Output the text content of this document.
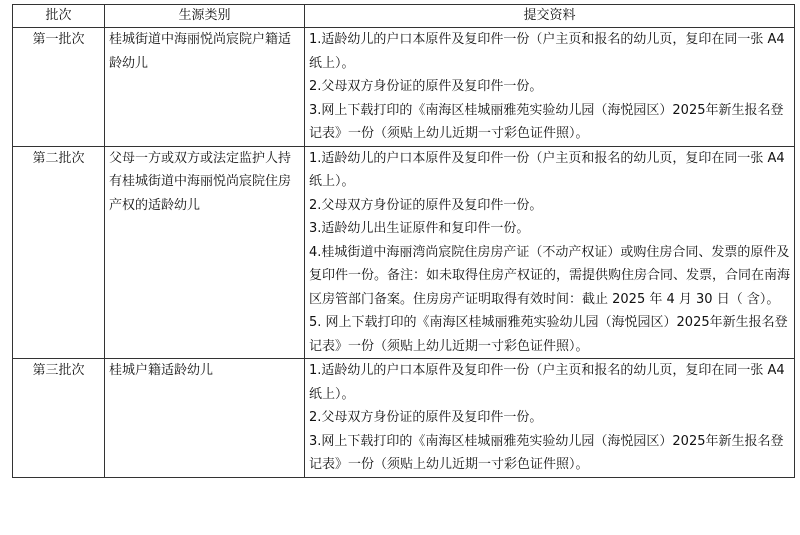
批次	生源类别	提交资料
第一批次	桂城街道中海丽悦尚宸院户籍适龄幼儿	1.适龄幼儿的户口本原件及复印件一份（户主页和报名的幼儿页，复印在同一张 A4 纸上）。
2.父母双方身份证的原件及复印件一份。
3.网上下载打印的《南海区桂城丽雅苑实验幼儿园（海悦园区）2025年新生报名登记表》一份（须贴上幼儿近期一寸彩色证件照）。

第二批次	父母一方或双方或法定监护人持有桂城街道中海丽悦尚宸院住房产权的适龄幼儿	1.适龄幼儿的户口本原件及复印件一份（户主页和报名的幼儿页，复印在同一张 A4 纸上）。
2.父母双方身份证的原件及复印件一份。
3.适龄幼儿出生证原件和复印件一份。
4.桂城街道中海丽湾尚宸院住房房产证（不动产权证）或购住房合同、发票的原件及复印件一份。备注：如未取得住房产权证的，需提供购住房合同、发票，合同在南海区房管部门备案。住房房产证明取得有效时间：截止 2025 年 4 月 30 日（ 含）。
5. 网上下载打印的《南海区桂城丽雅苑实验幼儿园（海悦园区）2025年新生报名登记表》一份（须贴上幼儿近期一寸彩色证件照）。

第三批次	桂城户籍适龄幼儿	1.适龄幼儿的户口本原件及复印件一份（户主页和报名的幼儿页，复印在同一张 A4 纸上）。
2.父母双方身份证的原件及复印件一份。
3.网上下载打印的《南海区桂城丽雅苑实验幼儿园（海悦园区）2025年新生报名登记表》一份（须贴上幼儿近期一寸彩色证件照）。
